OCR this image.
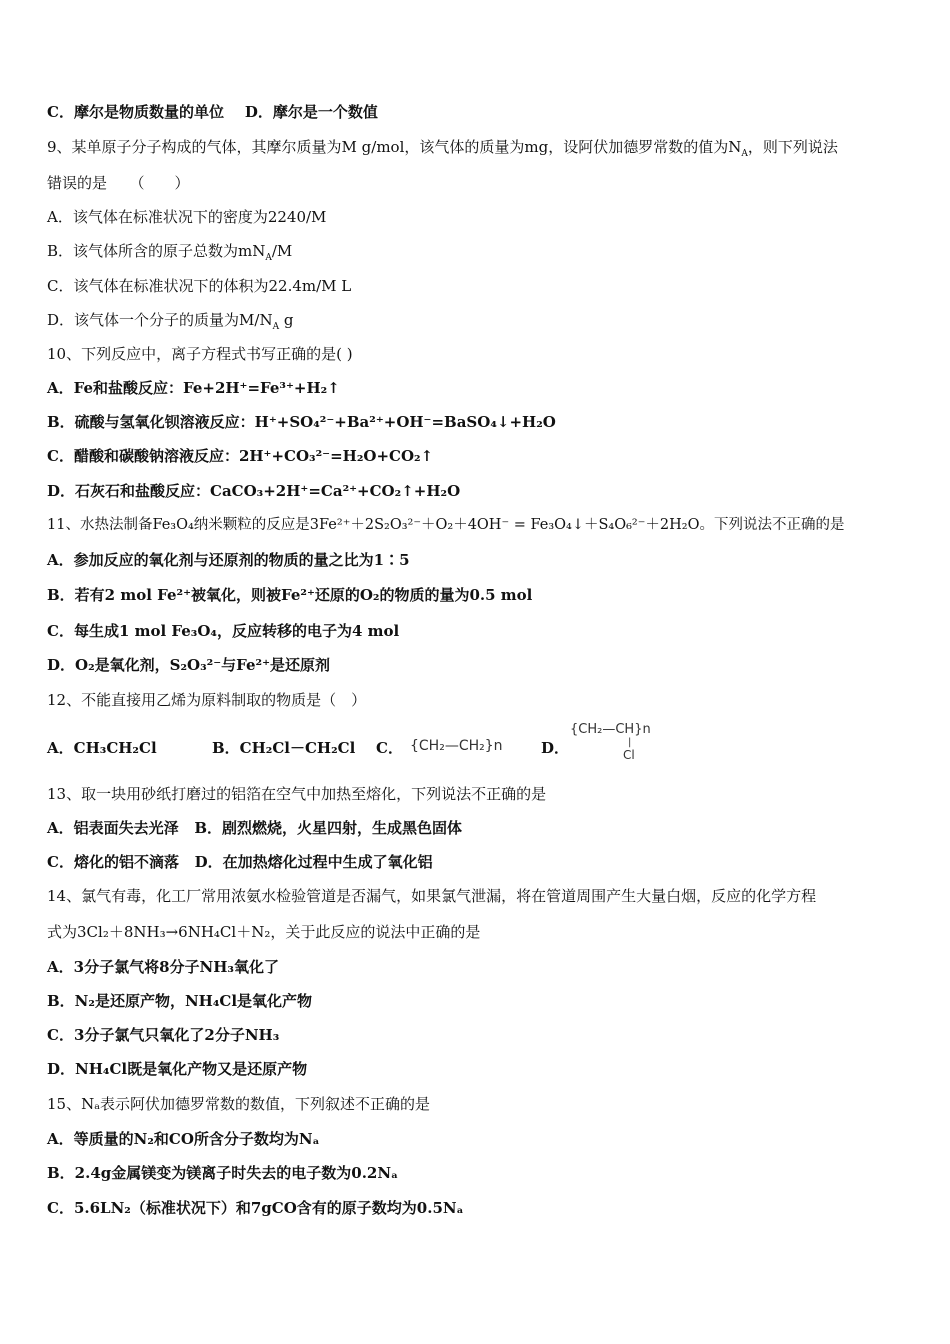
C．摩尔是物质数量的单位 D．摩尔是一个数值
9、某单原子分子构成的气体，其摩尔质量为M g/mol，该气体的质量为mg，设阿伏加德罗常数的值为$N_A$，则下列说法
错误的是　　（　　）
A．该气体在标准状况下的密度为2240/M
B．该气体所含的原子总数为$mN_A/M$
C．该气体在标准状况下的体积为22.4m/M L
D．该气体一个分子的质量为$M/N_A$ g
10、下列反应中，离子方程式书写正确的是( )
A．Fe和盐酸反应：Fe+2H⁺=Fe³⁺+H₂↑
B．硫酸与氢氧化钡溶液反应：H⁺+SO₄²⁻+Ba²⁺+OH⁻=BaSO₄↓+H₂O
C．醋酸和碳酸钠溶液反应：2H⁺+CO₃²⁻=H₂O+CO₂↑
D．石灰石和盐酸反应：CaCO₃+2H⁺=Ca²⁺+CO₂↑+H₂O
11、水热法制备Fe₃O₄纳米颗粒的反应是3Fe²⁺＋2S₂O₃²⁻＋O₂＋4OH⁻ = Fe₃O₄↓＋S₄O₆²⁻＋2H₂O。下列说法不正确的是
A．参加反应的氧化剂与还原剂的物质的量之比为1∶5
B．若有2 mol Fe²⁺被氧化，则被Fe²⁺还原的O₂的物质的量为0.5 mol
C．每生成1 mol Fe₃O₄，反应转移的电子为4 mol
D．O₂是氧化剂，S₂O₃²⁻与Fe²⁺是还原剂
12、不能直接用乙烯为原料制取的物质是（　）
A．CH₃CH₂Cl	B．CH₂Cl－CH₂Cl C． {CH₂—CH₂}n	D．
{CH₂—CH}n
|
Cl
13、取一块用砂纸打磨过的铝箔在空气中加热至熔化，下列说法不正确的是
A．铝表面失去光泽 B．剧烈燃烧，火星四射，生成黑色固体
C．熔化的铝不滴落 D．在加热熔化过程中生成了氧化铝
14、氯气有毒，化工厂常用浓氨水检验管道是否漏气，如果氯气泄漏，将在管道周围产生大量白烟，反应的化学方程
式为3Cl₂＋8NH₃→6NH₄Cl＋N₂，关于此反应的说法中正确的是
A．3分子氯气将8分子NH₃氧化了
B．N₂是还原产物，NH₄Cl是氧化产物
C．3分子氯气只氧化了2分子NH₃
D．NH₄Cl既是氧化产物又是还原产物
15、Nₐ表示阿伏加德罗常数的数值，下列叙述不正确的是
A．等质量的N₂和CO所含分子数均为Nₐ
B．2.4g金属镁变为镁离子时失去的电子数为0.2Nₐ
C．5.6LN₂（标准状况下）和7gCO含有的原子数均为0.5Nₐ
